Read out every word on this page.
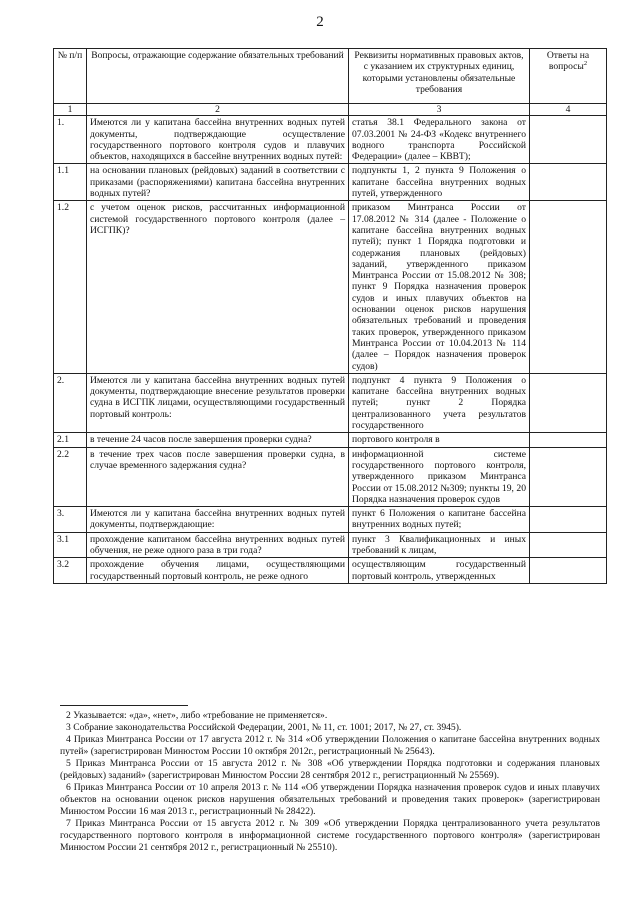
2
№ п/п	Вопросы, отражающие содержание обязательных требований	Реквизиты нормативных правовых актов, с указанием их структурных единиц, которыми установлены обязательные требования	Ответы на вопросы$^2$
1	2	3	4
1.	Имеются ли у капитана бассейна внутренних водных путей документы, подтверждающие осуществление государственного портового контроля судов и плавучих объектов, находящихся в бассейне внутренних водных путей:	статья 38.1 Федерального закона от 07.03.2001 № 24-ФЗ «Кодекс внутреннего водного транспорта Российской Федерации» (далее – КВВТ);	
1.1	на основании плановых (рейдовых) заданий в соответствии с приказами (распоряжениями) капитана бассейна внутренних водных путей?	подпункты 1, 2 пункта 9 Положения о капитане бассейна внутренних водных путей, утвержденного	
1.2	с учетом оценок рисков, рассчитанных информационной системой государственного портового контроля (далее – ИСГПК)?	приказом Минтранса России от 17.08.2012 № 314 (далее - Положение о капитане бассейна внутренних водных путей); пункт 1 Порядка подготовки и содержания плановых (рейдовых) заданий, утвержденного приказом Минтранса России от 15.08.2012 № 308; пункт 9 Порядка назначения проверок судов и иных плавучих объектов на основании оценок рисков нарушения обязательных требований и проведения таких проверок, утвержденного приказом Минтранса России от 10.04.2013 № 114 (далее – Порядок назначения проверок судов)	
2.	Имеются ли у капитана бассейна внутренних водных путей документы, подтверждающие внесение результатов проверки судна в ИСГПК лицами, осуществляющими государственный портовый контроль:	подпункт 4 пункта 9 Положения о капитане бассейна внутренних водных путей; пункт 2 Порядка централизованного учета результатов государственного	
2.1	в течение 24 часов после завершения проверки судна?	портового контроля в	
2.2	в течение трех часов после завершения проверки судна, в случае временного задержания судна?	информационной системе государственного портового контроля, утвержденного приказом Минтранса России от 15.08.2012 №309; пункты 19, 20 Порядка назначения проверок судов	
3.	Имеются ли у капитана бассейна внутренних водных путей документы, подтверждающие:	пункт 6 Положения о капитане бассейна внутренних водных путей;	
3.1	прохождение капитаном бассейна внутренних водных путей обучения, не реже одного раза в три года?	пункт 3 Квалификационных и иных требований к лицам,	
3.2	прохождение обучения лицами, осуществляющими государственный портовый контроль, не реже одного	осуществляющим государственный портовый контроль, утвержденных	
2 Указывается: «да», «нет», либо «требование не применяется».
3 Собрание законодательства Российской Федерации, 2001, № 11, ст. 1001; 2017, № 27, ст. 3945).
4 Приказ Минтранса России от 17 августа 2012 г. № 314 «Об утверждении Положения о капитане бассейна внутренних водных путей» (зарегистрирован Минюстом России 10 октября 2012г., регистрационный № 25643).
5 Приказ Минтранса России от 15 августа 2012 г. № 308 «Об утверждении Порядка подготовки и содержания плановых (рейдовых) заданий» (зарегистрирован Минюстом России 28 сентября 2012 г., регистрационный № 25569).
6 Приказ Минтранса России от 10 апреля 2013 г. № 114 «Об утверждении Порядка назначения проверок судов и иных плавучих объектов на основании оценок рисков нарушения обязательных требований и проведения таких проверок» (зарегистрирован Минюстом России 16 мая 2013 г., регистрационный № 28422).
7 Приказ Минтранса России от 15 августа 2012 г. № 309 «Об утверждении Порядка централизованного учета результатов государственного портового контроля в информационной системе государственного портового контроля» (зарегистрирован Минюстом России 21 сентября 2012 г., регистрационный № 25510).
